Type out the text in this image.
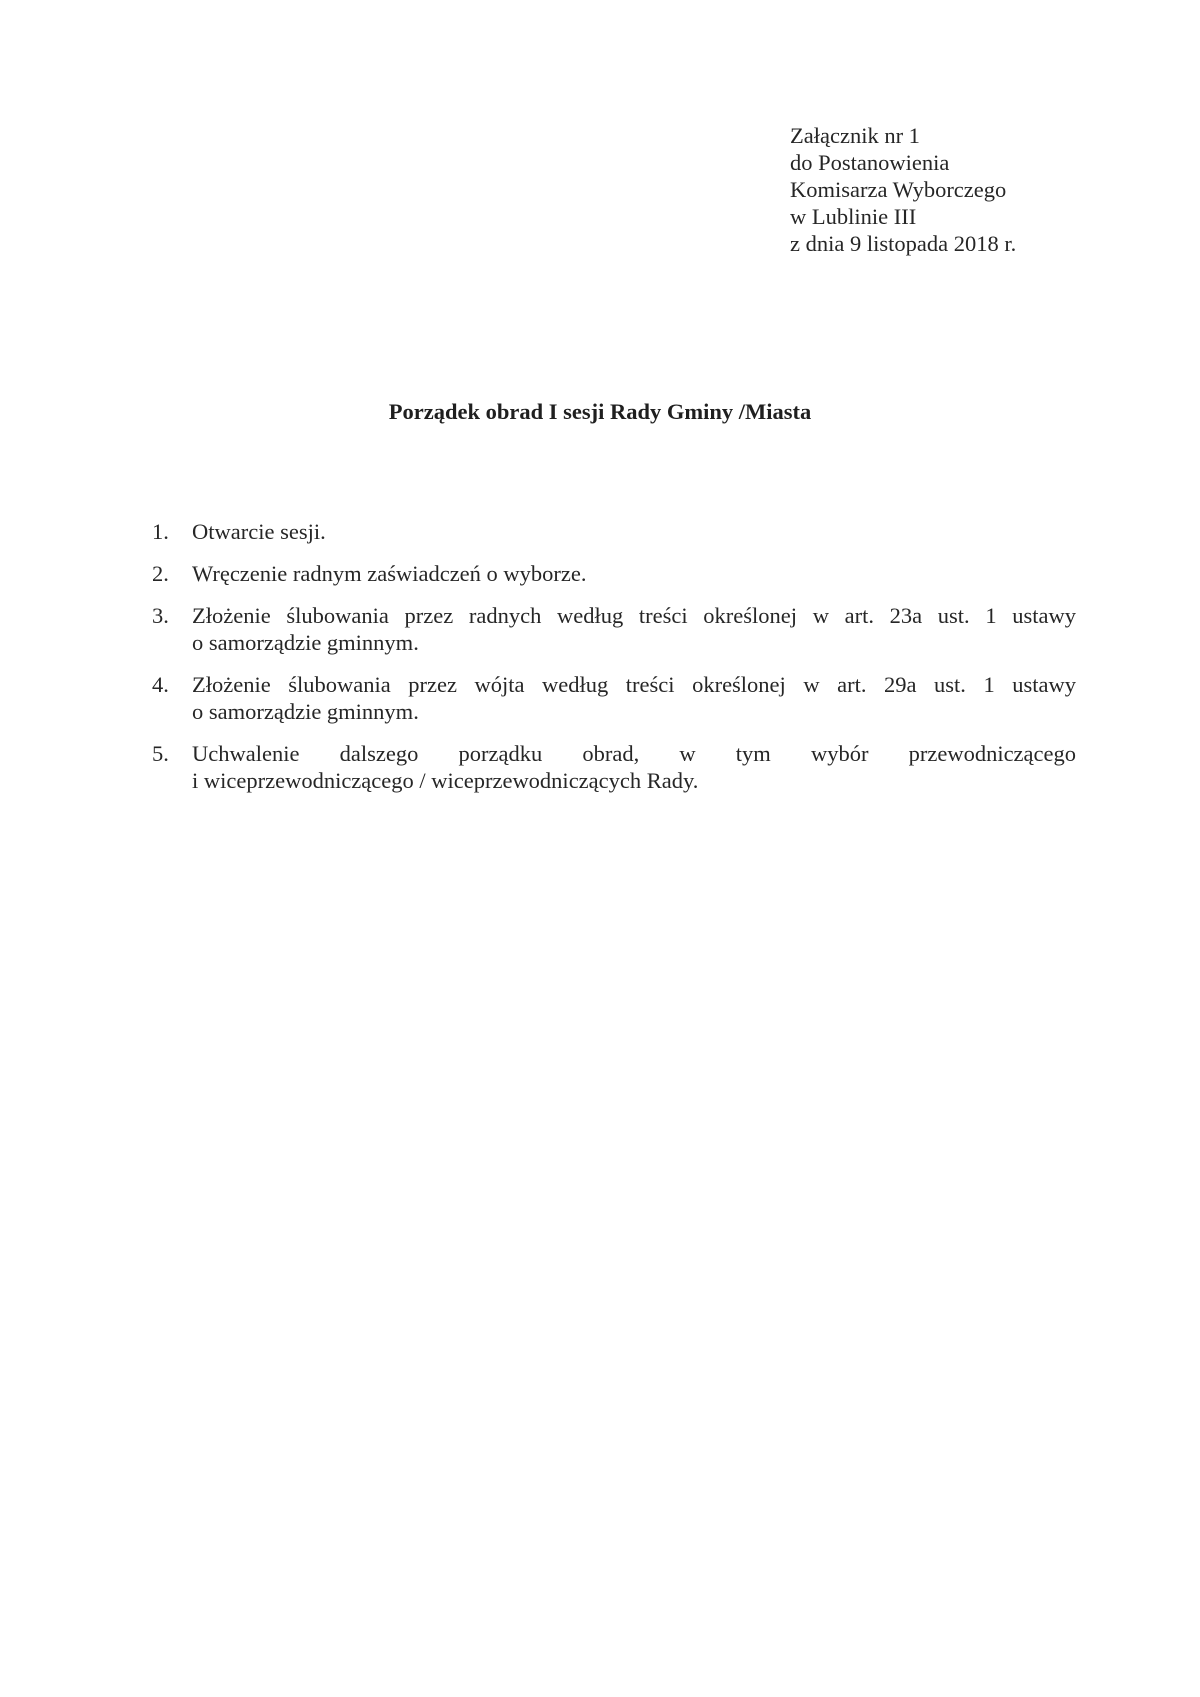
Załącznik nr 1
do Postanowienia
Komisarza Wyborczego
w Lublinie III
z dnia 9 listopada 2018 r.
Porządek obrad I sesji Rady Gminy /Miasta
1.	Otwarcie sesji.
2.	Wręczenie radnym zaświadczeń o wyborze.
3.	Złożenie ślubowania przez radnych według treści określonej w art. 23a ust. 1 ustawy
o samorządzie gminnym.
4.	Złożenie ślubowania przez wójta według treści określonej w art. 29a ust. 1 ustawy
o samorządzie gminnym.
5.	Uchwalenie dalszego porządku obrad, w tym wybór przewodniczącego
i wiceprzewodniczącego / wiceprzewodniczących Rady.
